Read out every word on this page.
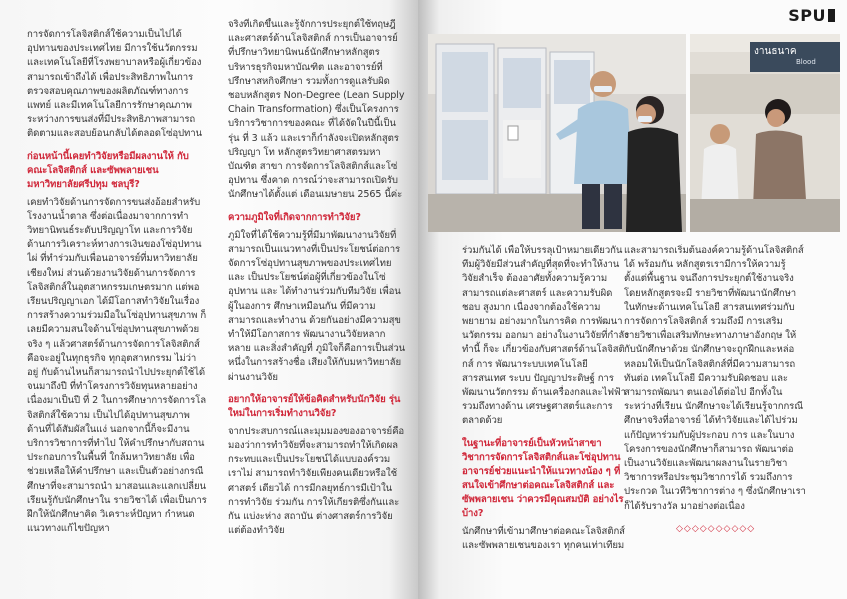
การจัดการโลจิสติกส์ใช้ความเป็นไปได้ อุปทานของประเทศไทย มีการใช้นวัตกรรม และเทคโนโลยีที่โรงพยาบาลหรือผู้เกี่ยวข้อง สามารถเข้าถึงได้ เพื่อประสิทธิภาพในการ ตรวจสอบคุณภาพของผลิตภัณฑ์ทางการ แพทย์ และมีเทคโนโลยีการรักษาคุณภาพ ระหว่างการขนส่งที่มีประสิทธิภาพสามารถ ติดตามและสอบย้อนกลับได้ตลอดโซ่อุปทาน

ก่อนหน้านี้เคยทำวิจัยหรือมีผลงานให้ กับคณะโลจิสติกส์ และซัพพลายเชน มหาวิทยาลัยศรีปทุม ชลบุรี?

เคยทำวิจัยด้านการจัดการขนส่งอ้อยสำหรับ โรงงานน้ำตาล ซึ่งต่อเนื่องมาจากการทำ วิทยานิพนธ์ระดับปริญญาโท และการวิจัย ด้านการวิเคราะห์ทางการเงินของโซ่อุปทาน ไผ่ ที่ทำร่วมกับเพื่อนอาจารย์ที่มหาวิทยาลัย เชียงใหม่ ส่วนด้วยงานวิจัยด้านการจัดการ โลจิสติกส์ในอุตสาหกรรมเกษตรมาก แต่พอ เรียนปริญญาเอก ได้มีโอกาสทำวิจัยในเรื่อง การสร้างความร่วมมือในโซ่อุปทานสุขภาพ ก็ เลยมีความสนใจด้านโซ่อุปทานสุขภาพด้วย จริง ๆ แล้วศาสตร์ด้านการจัดการโลจิสติกส์ คือจะอยู่ในทุกธุรกิจ ทุกอุตสาหกรรม ไม่ว่าอยู่ กับด้านไหนก็สามารถนำไปประยุกต์ใช้ได้ จนมาถึงปี ที่ทำโครงการวิจัยทุนหลายอย่างเนื่องมาเป็นปี ที่ 2 ในการศึกษาการจัดการโลจิสติกส์ใช้ความ เป็นไปได้อุปทานสุขภาพด้านที่ได้สัมผัสในแง่ นอกจากนี้ก็จะมีงานบริการวิชาการที่ทำไป ให้คำปรึกษากับสถานประกอบการในพื้นที่ ใกล้มหาวิทยาลัย เพื่อช่วยเหลือให้คำปรึกษา และเป็นตัวอย่างกรณีศึกษาที่จะสามารถนำ มาสอนและแลกเปลี่ยนเรียนรู้กับนักศึกษาใน รายวิชาได้ เพื่อเป็นการฝึกให้นักศึกษาคิด วิเคราะห์ปัญหา กำหนดแนวทางแก้ไขปัญหา

จริงที่เกิดขึ้นและรู้จักการประยุกต์ใช้ทฤษฎี และศาสตร์ด้านโลจิสติกส์ การเป็นอาจารย์ ที่ปรึกษาวิทยานิพนธ์นักศึกษาหลักสูตร บริหารธุรกิจมหาบัณฑิต และอาจารย์ที่ ปรึกษาสหกิจศึกษา รวมทั้งการดูแลรับผิด ชอบหลักสูตร Non-Degree (Lean Supply Chain Transformation) ซึ่งเป็นโครงการ บริการวิชาการของคณะ ที่ได้จัดในปีนี้เป็นรุ่น ที่ 3 แล้ว และเราก็กำลังจะเปิดหลักสูตรปริญญา โท หลักสูตรวิทยาศาสตรมหาบัณฑิต สาขา การจัดการโลจิสติกส์และโซ่อุปทาน ซึ่งคาด การณ์ว่าจะสามารถเปิดรับนักศึกษาได้ตั้งแต่ เดือนเมษายน 2565 นี้ค่ะ

ความภูมิใจที่เกิดจากการทำวิจัย?

ภูมิใจที่ได้ใช้ความรู้ที่มีมาพัฒนางานวิจัยที่ สามารถเป็นแนวทางที่เป็นประโยชน์ต่อการ จัดการโซ่อุปทานสุขภาพของประเทศไทย และ เป็นประโยชน์ต่อผู้ที่เกี่ยวข้องในโซ่อุปทาน และ ได้ทำงานร่วมกับทีมวิจัย เพื่อนผู้ในองการ ศึกษาเหมือนกัน ที่มีความสามารถและทำงาน ด้วยกันอย่างมีความสุข ทำให้มีโอกาสการ พัฒนางานวิจัยหลากหลาย และสิ่งสำคัญที่ ภูมิใจก็คือการเป็นส่วนหนึ่งในการสร้างชื่อ เสียงให้กับมหาวิทยาลัยผ่านงานวิจัย

อยากให้อาจารย์ให้ข้อคิดสำหรับนักวิจัย รุ่นใหม่ในการเริ่มทำงานวิจัย?

จากประสบการณ์และมุมมองของอาจารย์คือ มองว่าการทำวิจัยที่จะสามารถทำให้เกิดผล กระทบและเป็นประโยชน์ได้แบบองค์รวม เราไม่ สามารถทำวิจัยเพียงคนเดียวหรือใช้ศาสตร์ เดียวได้ การมีกลยุทธ์การมีเป้าในการทำวิจัย ร่วมกัน การให้เกียรติซึ่งกันและกัน แบ่งะห่าง สถาบัน ต่างศาสตร์การวิจัย แต่ต้องทำวิจัย

SPU
งานธนาค
Blood

ร่วมกันได้ เพื่อให้บรรลุเป้าหมายเดียวกัน ทีมผู้วิจัยมีส่วนสำคัญที่สุดที่จะทำให้งาน วิจัยสำเร็จ ต้องอาศัยทั้งความรู้ความ สามารถแต่ละศาสตร์ และความรับผิดชอบ สูงมาก เนื่องจากต้องใช้ความพยายาม อย่างมากในการคิด การพัฒนานวัตกรรม ออกมา อย่างในงานวิจัยที่กำลังทำนี้ ก็จะ เกี่ยวข้องกับศาสตร์ด้านโลจิสติกส์ การ พัฒนาระบบเทคโนโลยีสารสนเทศ ระบบ ปัญญาประดิษฐ์ การพัฒนานวัตกรรม ด้านเครื่องกลและไฟฟ้า รวมถึงทางด้าน เศรษฐศาสตร์และการตลาดด้วย

ในฐานะที่อาจารย์เป็นหัวหน้าสาขา วิชาการจัดการโลจิสติกส์และโซ่อุปทาน อาจารย์ช่วยแนะนำให้แนวทางน้อง ๆ ที่สนใจเข้าศึกษาต่อคณะโลจิสติกส์ และซัพพลายเชน ว่าควรมีคุณสมบัติ อย่างไรบ้าง?

นักศึกษาที่เข้ามาศึกษาต่อคณะโลจิสติกส์ และซัพพลายเชนของเรา ทุกคนเท่าเทียม

และสามารถเริ่มต้นองค์ความรู้ด้านโลจิสติกส์ได้ พร้อมกัน หลักสูตรเรามีการให้ความรู้ตั้งแต่พื้นฐาน จนถึงการประยุกต์ใช้งานจริง โดยหลักสูตรจะมี รายวิชาที่พัฒนานักศึกษาในทักษะด้านเทคโนโลยี สารสนเทศร่วมกับการจัดการโลจิสติกส์ รวมถึงมี การเสริมรายวิชาเพื่อเสริมทักษะทางภาษาอังกฤษ ให้กับนักศึกษาด้วย นักศึกษาจะถูกฝึกและหล่อ หลอมให้เป็นนักโลจิสติกส์ที่มีความสามารถ ทันต่อ เทคโนโลยี มีความรับผิดชอบ และสามารถพัฒนา ตนเองได้ต่อไป อีกทั้งในระหว่างที่เรียน นักศึกษาจะได้เรียนรู้จากกรณีศึกษาจริงที่อาจารย์ ได้ทำวิจัยและได้ไปร่วมแก้ปัญหาร่วมกับผู้ประกอบ การ และในบางโครงการของนักศึกษาก็สามารถ พัฒนาต่อเป็นงานวิจัยและพัฒนาผลงานในรายวิชา วิชาการหรือประชุมวิชาการได้ รวมถึงการประกวด ในเวทีวิชาการต่าง ๆ ซึ่งนักศึกษาเราก็ได้รับรางวัล มาอย่างต่อเนื่อง

◇◇◇◇◇◇◇◇◇◇
